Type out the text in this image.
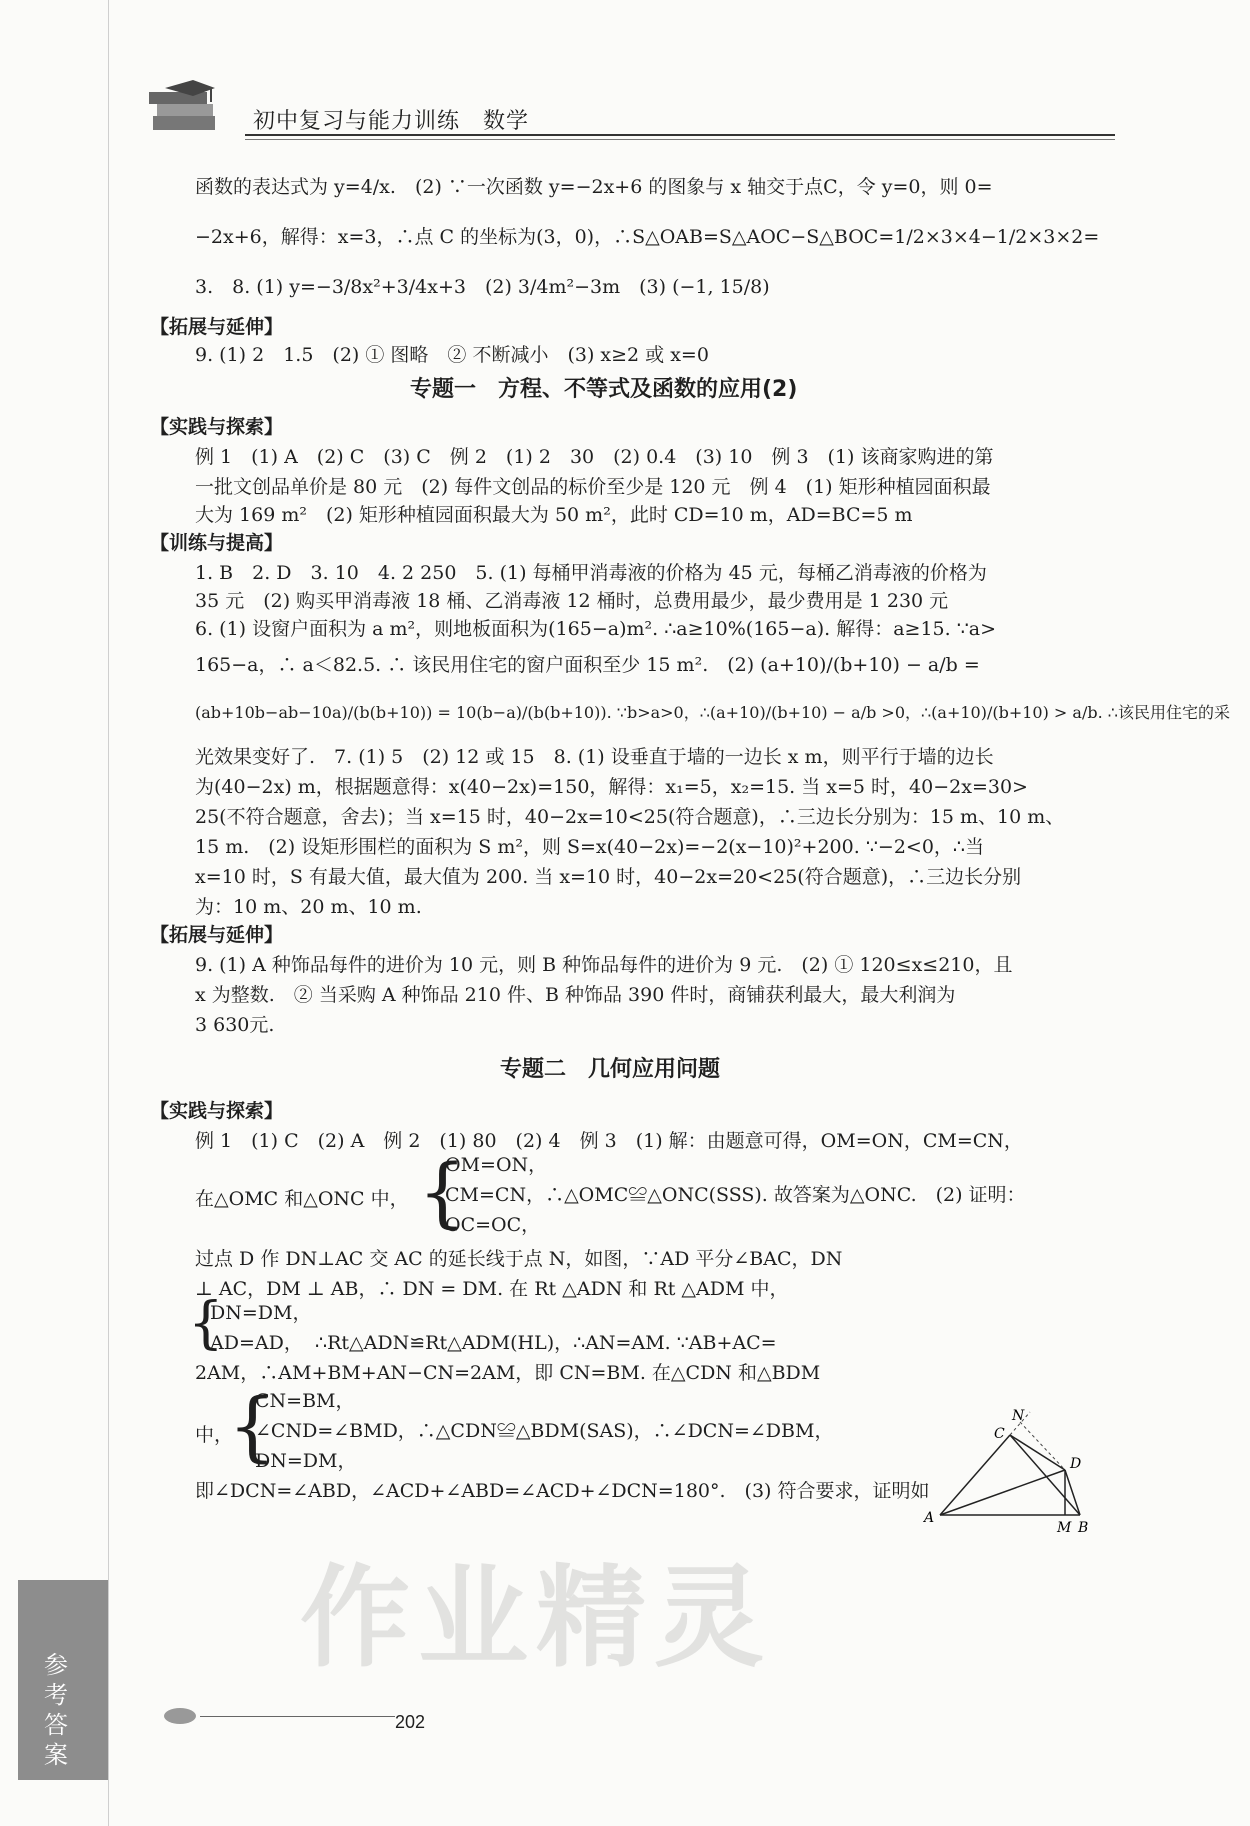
初中复习与能力训练　数学
函数的表达式为 y=4/x.　(2) ∵一次函数 y=−2x+6 的图象与 x 轴交于点C，令 y=0，则 0=
−2x+6，解得：x=3，∴点 C 的坐标为(3，0)，∴S△OAB=S△AOC−S△BOC=1/2×3×4−1/2×3×2=
3.　8. (1) y=−3/8x²+3/4x+3　(2) 3/4m²−3m　(3) (−1, 15/8)
【拓展与延伸】
9. (1) 2　1.5　(2) ① 图略　② 不断减小　(3) x≥2 或 x=0
专题一　方程、不等式及函数的应用(2)
【实践与探索】
例 1　(1) A　(2) C　(3) C　例 2　(1) 2　30　(2) 0.4　(3) 10　例 3　(1) 该商家购进的第
一批文创品单价是 80 元　(2) 每件文创品的标价至少是 120 元　例 4　(1) 矩形种植园面积最
大为 169 m²　(2) 矩形种植园面积最大为 50 m²，此时 CD=10 m，AD=BC=5 m
【训练与提高】
1. B　2. D　3. 10　4. 2 250　5. (1) 每桶甲消毒液的价格为 45 元，每桶乙消毒液的价格为
35 元　(2) 购买甲消毒液 18 桶、乙消毒液 12 桶时，总费用最少，最少费用是 1 230 元
6. (1) 设窗户面积为 a m²，则地板面积为(165−a)m². ∴a≥10%(165−a). 解得：a≥15. ∵a>
165−a，∴ a＜82.5. ∴ 该民用住宅的窗户面积至少 15 m².　(2) (a+10)/(b+10) − a/b =
(ab+10b−ab−10a)/(b(b+10)) = 10(b−a)/(b(b+10)). ∵b>a>0，∴(a+10)/(b+10) − a/b >0，∴(a+10)/(b+10) > a/b. ∴该民用住宅的采
光效果变好了.　7. (1) 5　(2) 12 或 15　8. (1) 设垂直于墙的一边长 x m，则平行于墙的边长
为(40−2x) m，根据题意得：x(40−2x)=150，解得：x₁=5，x₂=15. 当 x=5 时，40−2x=30>
25(不符合题意，舍去)；当 x=15 时，40−2x=10<25(符合题意)，∴三边长分别为：15 m、10 m、
15 m.　(2) 设矩形围栏的面积为 S m²，则 S=x(40−2x)=−2(x−10)²+200. ∵−2<0，∴当
x=10 时，S 有最大值，最大值为 200. 当 x=10 时，40−2x=20<25(符合题意)，∴三边长分别
为：10 m、20 m、10 m.
【拓展与延伸】
9. (1) A 种饰品每件的进价为 10 元，则 B 种饰品每件的进价为 9 元.　(2) ① 120≤x≤210，且
x 为整数.　② 当采购 A 种饰品 210 件、B 种饰品 390 件时，商铺获利最大，最大利润为
3 630元.
专题二　几何应用问题
【实践与探索】
例 1　(1) C　(2) A　例 2　(1) 80　(2) 4　例 3　(1) 解：由题意可得，OM=ON，CM=CN，
在△OMC 和△ONC 中， {
OM=ON，
CM=CN，∴△OMC≌△ONC(SSS). 故答案为△ONC.　(2) 证明：
OC=OC，
过点 D 作 DN⊥AC 交 AC 的延长线于点 N，如图，∵AD 平分∠BAC，DN
⊥ AC，DM ⊥ AB，∴ DN = DM. 在 Rt △ADN 和 Rt △ADM 中，
{
DN=DM，
AD=AD， ∴Rt△ADN≌Rt△ADM(HL)，∴AN=AM. ∵AB+AC=
2AM，∴AM+BM+AN−CN=2AM，即 CN=BM. 在△CDN 和△BDM
中，
{
CN=BM，
∠CND=∠BMD，∴△CDN≌△BDM(SAS)，∴∠DCN=∠DBM，
DN=DM，
即∠DCN=∠ABD，∠ACD+∠ABD=∠ACD+∠DCN=180°.　(3) 符合要求，证明如
N
C
D
A
M B
参考答案
202
作业精灵
